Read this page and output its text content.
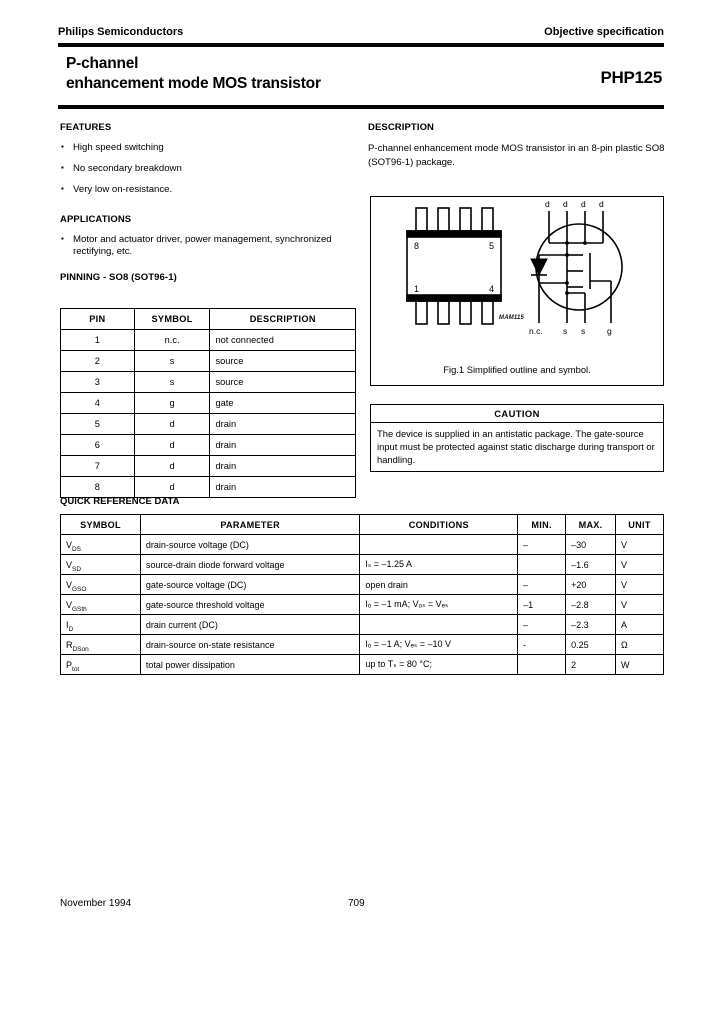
Philips Semiconductors	Objective specification
P-channel
enhancement mode MOS transistor	PHP125
FEATURES
▪ High speed switching
▪ No secondary breakdown
▪ Very low on-resistance.
APPLICATIONS
▪ Motor and actuator driver, power management, synchronized rectifying, etc.
PINNING - SO8 (SOT96-1)
PIN	SYMBOL	DESCRIPTION
1	n.c.	not connected
2	s	source
3	s	source
4	g	gate
5	d	drain
6	d	drain
7	d	drain
8	d	drain
DESCRIPTION
P-channel enhancement mode MOS transistor in an 8-pin plastic SO8 (SOT96-1) package.
8	5
1	4
d d d d
n.c. s s	g
MAM115
Fig.1 Simplified outline and symbol.
CAUTION
The device is supplied in an antistatic package. The gate-source input must be protected against static discharge during transport or handling.
QUICK REFERENCE DATA
SYMBOL	PARAMETER	CONDITIONS	MIN.	MAX.	UNIT
$V_{DS}$	drain-source voltage (DC)		–	–30	V
$V_{SD}$	source-drain diode forward voltage	Iₛ = –1.25 A		–1.6	V
$V_{GSO}$	gate-source voltage (DC)	open drain	–	+20	V
$V_{GSth}$	gate-source threshold voltage	Iₒ = –1 mA; Vₒₛ = Vₑₛ	–1	–2.8	V
$I_D$	drain current (DC)		–	–2.3	A
$R_{DSon}$	drain-source on-state resistance	Iₒ = –1 A; Vₑₛ = –10 V	-	0.25	Ω
$P_{tot}$	total power dissipation	up to Tₛ = 80 °C;		2	W
November 1994	709
